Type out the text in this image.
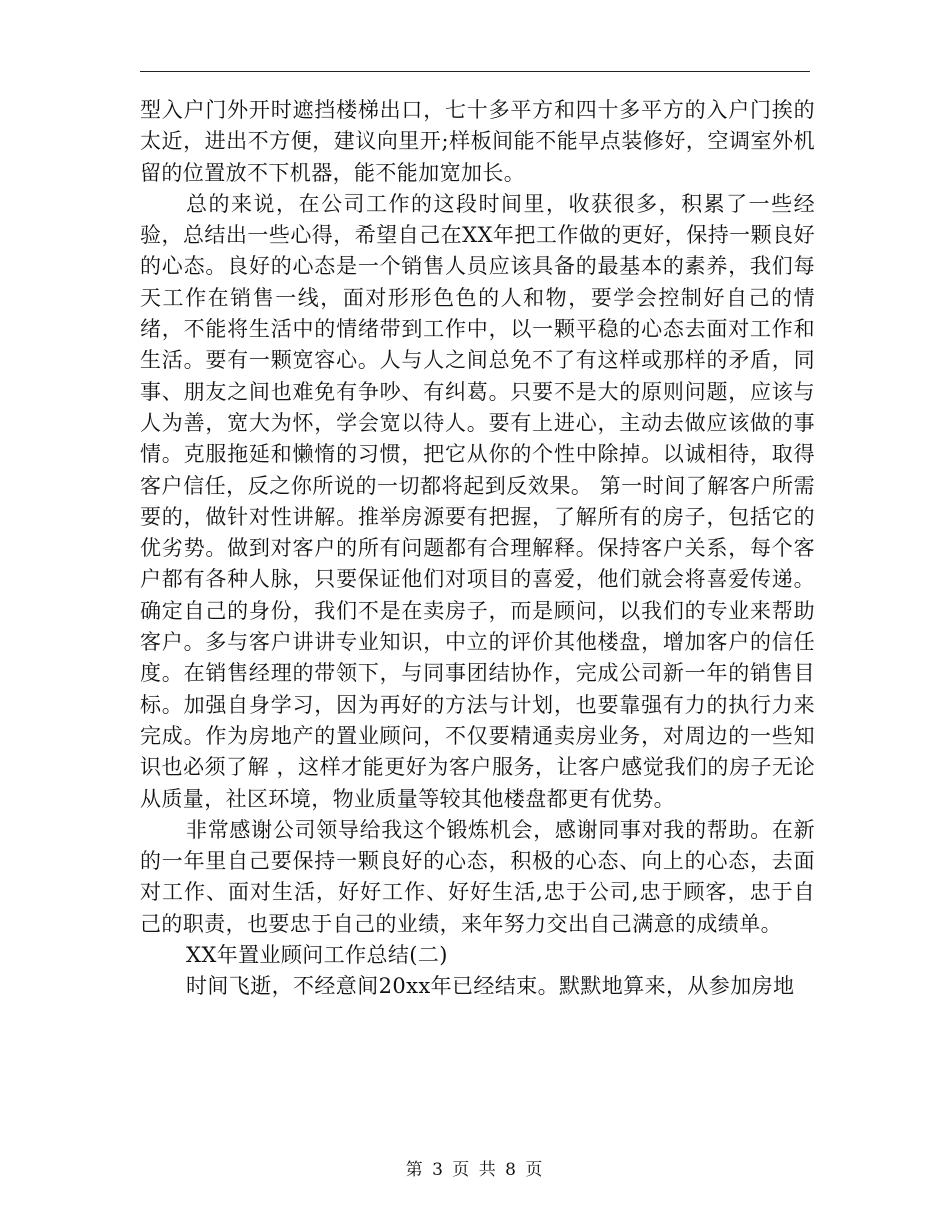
型入户门外开时遮挡楼梯出口，七十多平方和四十多平方的入户门挨的太近，进出不方便，建议向里开;样板间能不能早点装修好，空调室外机留的位置放不下机器，能不能加宽加长。

总的来说，在公司工作的这段时间里，收获很多，积累了一些经验，总结出一些心得，希望自己在XX年把工作做的更好，保持一颗良好的心态。良好的心态是一个销售人员应该具备的最基本的素养，我们每天工作在销售一线，面对形形色色的人和物，要学会控制好自己的情绪，不能将生活中的情绪带到工作中，以一颗平稳的心态去面对工作和生活。要有一颗宽容心。人与人之间总免不了有这样或那样的矛盾，同事、朋友之间也难免有争吵、有纠葛。只要不是大的原则问题，应该与人为善，宽大为怀，学会宽以待人。要有上进心，主动去做应该做的事情。克服拖延和懒惰的习惯，把它从你的个性中除掉。以诚相待，取得客户信任，反之你所说的一切都将起到反效果。 第一时间了解客户所需要的，做针对性讲解。推举房源要有把握，了解所有的房子，包括它的优劣势。做到对客户的所有问题都有合理解释。保持客户关系，每个客户都有各种人脉，只要保证他们对项目的喜爱，他们就会将喜爱传递。确定自己的身份，我们不是在卖房子，而是顾问，以我们的专业来帮助客户。多与客户讲讲专业知识，中立的评价其他楼盘，增加客户的信任度。在销售经理的带领下，与同事团结协作，完成公司新一年的销售目标。加强自身学习，因为再好的方法与计划，也要靠强有力的执行力来完成。作为房地产的置业顾问，不仅要精通卖房业务，对周边的一些知识也必须了解 ，这样才能更好为客户服务，让客户感觉我们的房子无论从质量，社区环境，物业质量等较其他楼盘都更有优势。

非常感谢公司领导给我这个锻炼机会，感谢同事对我的帮助。在新的一年里自己要保持一颗良好的心态，积极的心态、向上的心态，去面对工作、面对生活，好好工作、好好生活,忠于公司,忠于顾客，忠于自己的职责，也要忠于自己的业绩，来年努力交出自己满意的成绩单。

XX年置业顾问工作总结(二)

时间飞逝，不经意间20xx年已经结束。默默地算来，从参加房地

第 3 页 共 8 页
